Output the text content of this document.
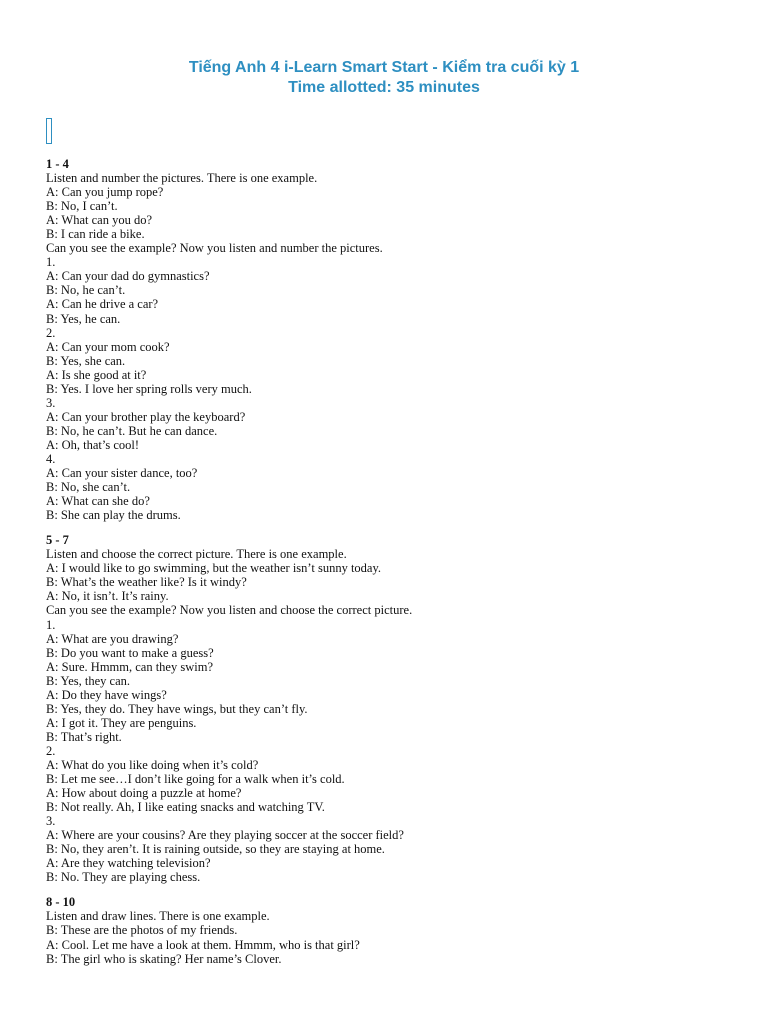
Tiếng Anh 4 i-Learn Smart Start - Kiểm tra cuối kỳ 1
Time allotted: 35 minutes
1 - 4
Listen and number the pictures. There is one example.
A: Can you jump rope?
B: No, I can’t.
A: What can you do?
B: I can ride a bike.
Can you see the example? Now you listen and number the pictures.
1.
A: Can your dad do gymnastics?
B: No, he can’t.
A: Can he drive a car?
B: Yes, he can.
2.
A: Can your mom cook?
B: Yes, she can.
A: Is she good at it?
B: Yes. I love her spring rolls very much.
3.
A: Can your brother play the keyboard?
B: No, he can’t. But he can dance.
A: Oh, that’s cool!
4.
A: Can your sister dance, too?
B: No, she can’t.
A: What can she do?
B: She can play the drums.
5 - 7
Listen and choose the correct picture. There is one example.
A: I would like to go swimming, but the weather isn’t sunny today.
B: What’s the weather like? Is it windy?
A: No, it isn’t. It’s rainy.
Can you see the example? Now you listen and choose the correct picture.
1.
A: What are you drawing?
B: Do you want to make a guess?
A: Sure. Hmmm, can they swim?
B: Yes, they can.
A: Do they have wings?
B: Yes, they do. They have wings, but they can’t fly.
A: I got it. They are penguins.
B: That’s right.
2.
A: What do you like doing when it’s cold?
B: Let me see…I don’t like going for a walk when it’s cold.
A: How about doing a puzzle at home?
B: Not really. Ah, I like eating snacks and watching TV.
3.
A: Where are your cousins? Are they playing soccer at the soccer field?
B: No, they aren’t. It is raining outside, so they are staying at home.
A: Are they watching television?
B: No. They are playing chess.
8 - 10
Listen and draw lines. There is one example.
B: These are the photos of my friends.
A: Cool. Let me have a look at them. Hmmm, who is that girl?
B: The girl who is skating? Her name’s Clover.
